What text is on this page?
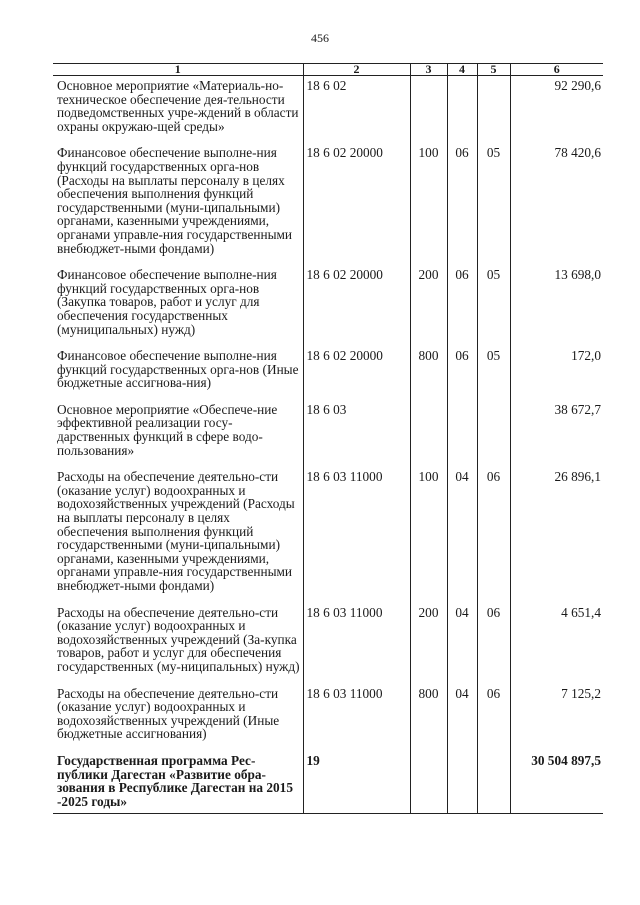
456
1	2	3	4	5	6
Основное мероприятие «Материаль-но-техническое обеспечение дея-тельности подведомственных учре-ждений в области охраны окружаю-щей среды»	18 6 02				92 290,6
Финансовое обеспечение выполне-ния функций государственных орга-нов (Расходы на выплаты персоналу в целях обеспечения выполнения функций государственными (муни-ципальными) органами, казенными учреждениями, органами управле-ния государственными внебюджет-ными фондами)	18 6 02 20000	100	06	05	78 420,6
Финансовое обеспечение выполне-ния функций государственных орга-нов (Закупка товаров, работ и услуг для обеспечения государственных (муниципальных) нужд)	18 6 02 20000	200	06	05	13 698,0
Финансовое обеспечение выполне-ния функций государственных орга-нов (Иные бюджетные ассигнова-ния)	18 6 02 20000	800	06	05	172,0
Основное мероприятие «Обеспече-ние эффективной реализации госу-дарственных функций в сфере водо-пользования»	18 6 03				38 672,7
Расходы на обеспечение деятельно-сти (оказание услуг) водоохранных и водохозяйственных учреждений (Расходы на выплаты персоналу в целях обеспечения выполнения функций государственными (муни-ципальными) органами, казенными учреждениями, органами управле-ния государственными внебюджет-ными фондами)	18 6 03 11000	100	04	06	26 896,1
Расходы на обеспечение деятельно-сти (оказание услуг) водоохранных и водохозяйственных учреждений (За-купка товаров, работ и услуг для обеспечения государственных (му-ниципальных) нужд)	18 6 03 11000	200	04	06	4 651,4
Расходы на обеспечение деятельно-сти (оказание услуг) водоохранных и водохозяйственных учреждений (Иные бюджетные ассигнования)	18 6 03 11000	800	04	06	7 125,2
Государственная программа Рес-публики Дагестан «Развитие обра-зования в Республике Дагестан на 2015 -2025 годы»	19				30 504 897,5
